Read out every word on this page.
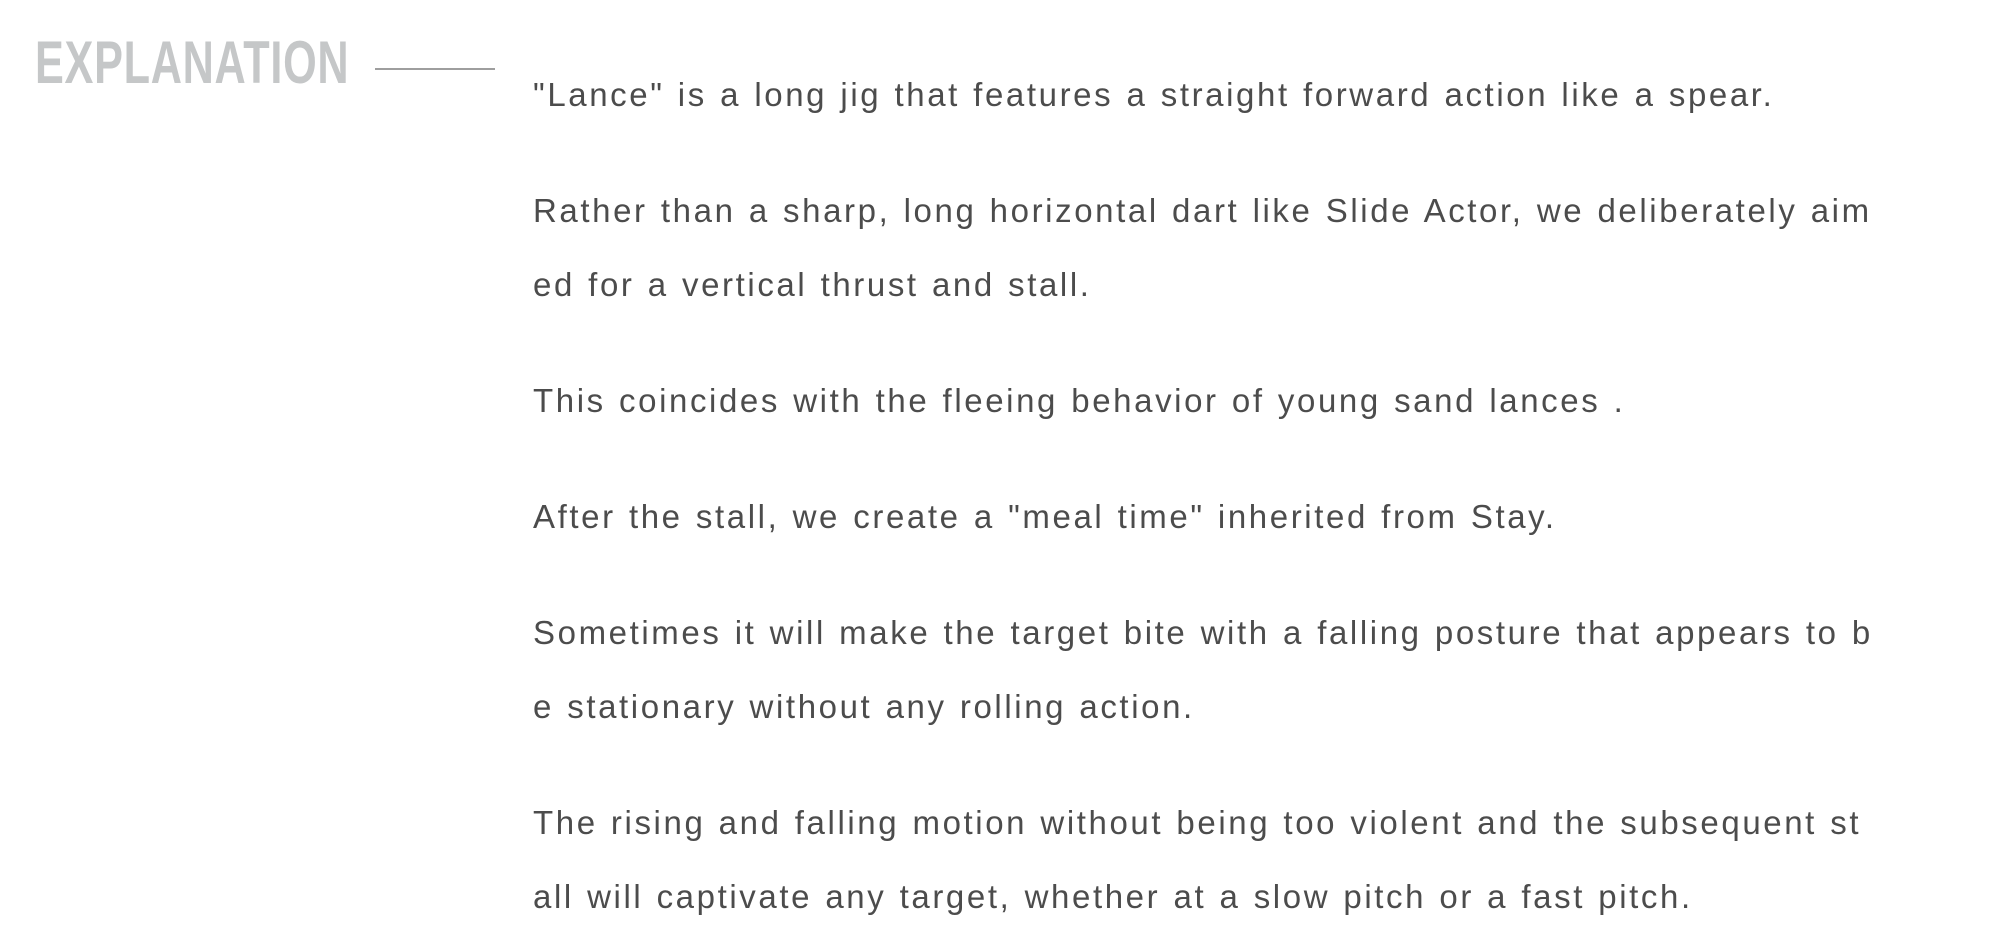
EXPLANATION	"Lance" is a long jig that features a straight forward action like a spear.
Rather than a sharp, long horizontal dart like Slide Actor, we deliberately aim
ed for a vertical thrust and stall.
This coincides with the fleeing behavior of young sand lances .
After the stall, we create a "meal time" inherited from Stay.
Sometimes it will make the target bite with a falling posture that appears to b
e stationary without any rolling action.
The rising and falling motion without being too violent and the subsequent st
all will captivate any target, whether at a slow pitch or a fast pitch.
